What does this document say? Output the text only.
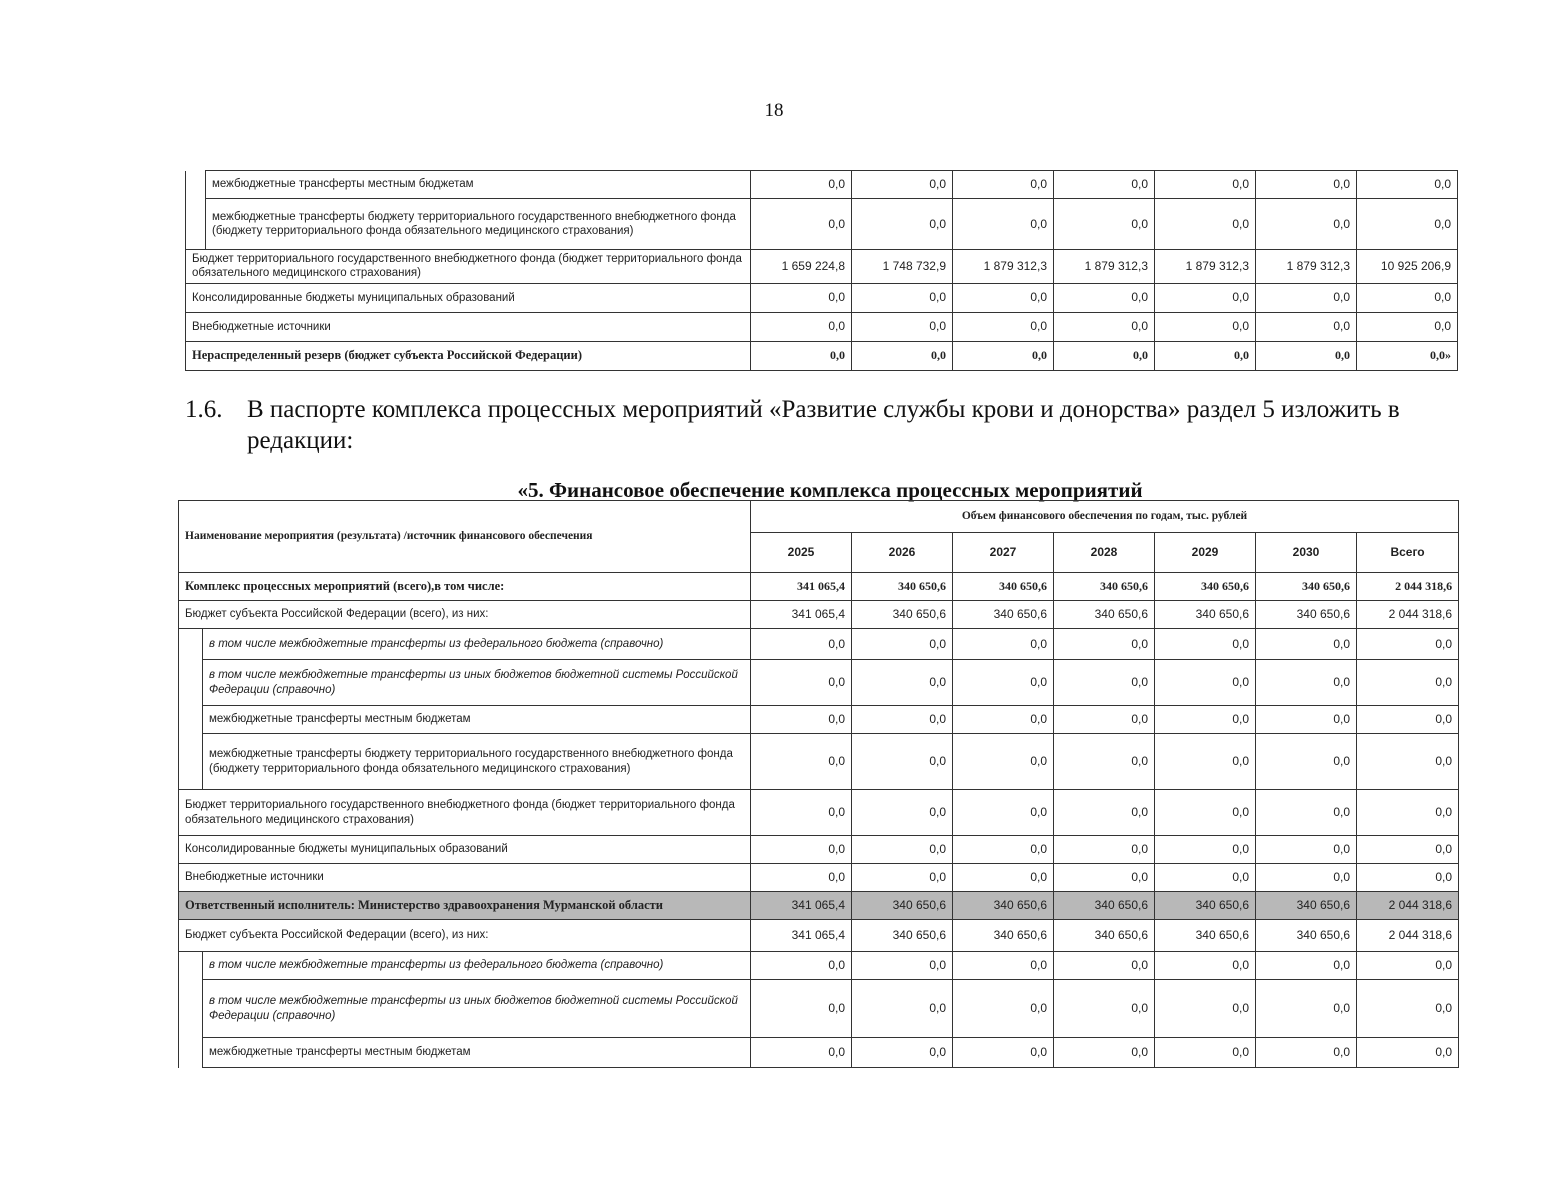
18
	межбюджетные трансферты местным бюджетам	0,0	0,0	0,0	0,0	0,0	0,0	0,0
	межбюджетные трансферты бюджету территориального государственного внебюджетного фонда (бюджету территориального фонда обязательного медицинского страхования)	0,0	0,0	0,0	0,0	0,0	0,0	0,0
Бюджет территориального государственного внебюджетного фонда (бюджет территориального фонда обязательного медицинского страхования)		1 659 224,8	1 748 732,9	1 879 312,3	1 879 312,3	1 879 312,3	1 879 312,3	10 925 206,9
Консолидированные бюджеты муниципальных образований		0,0	0,0	0,0	0,0	0,0	0,0	0,0
Внебюджетные источники		0,0	0,0	0,0	0,0	0,0	0,0	0,0
Нераспределенный резерв (бюджет субъекта Российской Федерации)		0,0	0,0	0,0	0,0	0,0	0,0	0,0»
1.6. В паспорте комплекса процессных мероприятий «Развитие службы крови и донорства» раздел 5 изложить в
редакции:
«5. Финансовое обеспечение комплекса процессных мероприятий
Наименование мероприятия (результата) /источник финансового обеспечения		Объем финансового обеспечения по годам, тыс. рублей						
		2025	2026	2027	2028	2029	2030	Всего
Комплекс процессных мероприятий (всего),в том числе:		341 065,4	340 650,6	340 650,6	340 650,6	340 650,6	340 650,6	2 044 318,6
Бюджет субъекта Российской Федерации (всего), из них:		341 065,4	340 650,6	340 650,6	340 650,6	340 650,6	340 650,6	2 044 318,6
	в том числе межбюджетные трансферты из федерального бюджета (справочно)	0,0	0,0	0,0	0,0	0,0	0,0	0,0
	в том числе межбюджетные трансферты из иных бюджетов бюджетной системы Российской Федерации (справочно)	0,0	0,0	0,0	0,0	0,0	0,0	0,0
	межбюджетные трансферты местным бюджетам	0,0	0,0	0,0	0,0	0,0	0,0	0,0
	межбюджетные трансферты бюджету территориального государственного внебюджетного фонда (бюджету территориального фонда обязательного медицинского страхования)	0,0	0,0	0,0	0,0	0,0	0,0	0,0
Бюджет территориального государственного внебюджетного фонда (бюджет территориального фонда обязательного медицинского страхования)		0,0	0,0	0,0	0,0	0,0	0,0	0,0
Консолидированные бюджеты муниципальных образований		0,0	0,0	0,0	0,0	0,0	0,0	0,0
Внебюджетные источники		0,0	0,0	0,0	0,0	0,0	0,0	0,0
Ответственный исполнитель: Министерство здравоохранения Мурманской области		341 065,4	340 650,6	340 650,6	340 650,6	340 650,6	340 650,6	2 044 318,6
Бюджет субъекта Российской Федерации (всего), из них:		341 065,4	340 650,6	340 650,6	340 650,6	340 650,6	340 650,6	2 044 318,6
	в том числе межбюджетные трансферты из федерального бюджета (справочно)	0,0	0,0	0,0	0,0	0,0	0,0	0,0
	в том числе межбюджетные трансферты из иных бюджетов бюджетной системы Российской Федерации (справочно)	0,0	0,0	0,0	0,0	0,0	0,0	0,0
	межбюджетные трансферты местным бюджетам	0,0	0,0	0,0	0,0	0,0	0,0	0,0
